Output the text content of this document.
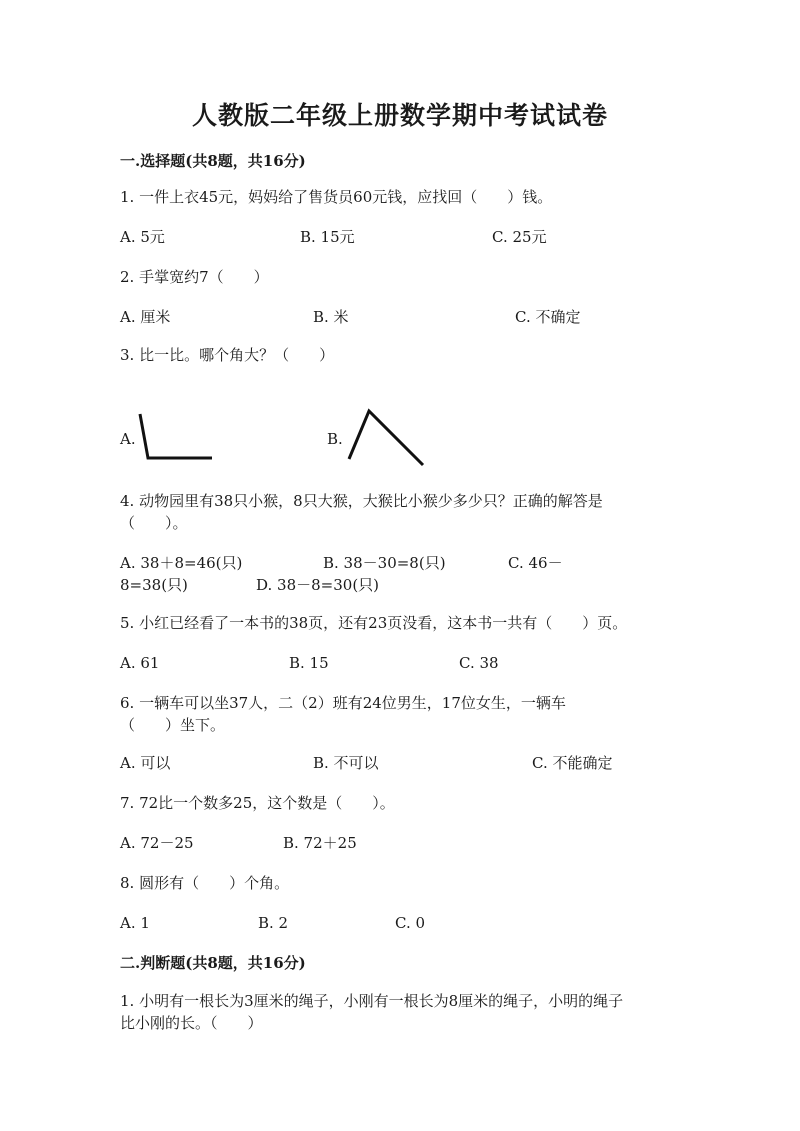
人教版二年级上册数学期中考试试卷
一.选择题(共8题，共16分)
1. 一件上衣45元，妈妈给了售货员60元钱，应找回（　　）钱。
A. 5元	B. 15元	C. 25元
2. 手掌宽约7（　　）
A. 厘米	B. 米	C. 不确定
3. 比一比。哪个角大？（　　）
A.	B.
4. 动物园里有38只小猴，8只大猴，大猴比小猴少多少只？正确的解答是
（　　）。
A. 38＋8=46(只)	B. 38－30=8(只)	C. 46－
8=38(只)	D. 38－8=30(只)
5. 小红已经看了一本书的38页，还有23页没看，这本书一共有（　　）页。
A. 61	B. 15	C. 38
6. 一辆车可以坐37人，二（2）班有24位男生，17位女生，一辆车
（　　）坐下。
A. 可以	B. 不可以	C. 不能确定
7. 72比一个数多25，这个数是（　　）。
A. 72－25	B. 72＋25
8. 圆形有（　　）个角。
A. 1	B. 2	C. 0
二.判断题(共8题，共16分)
1. 小明有一根长为3厘米的绳子，小刚有一根长为8厘米的绳子，小明的绳子
比小刚的长。（　　）
